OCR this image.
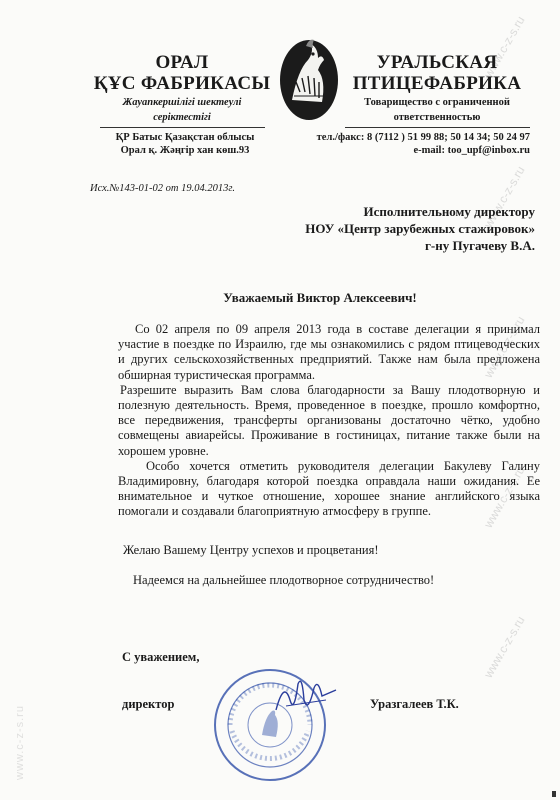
www.c-z-s.ru
www.c-z-s.ru
www.c-z-s.ru
www.c-z-s.ru
www.c-z-s.ru
www.c-z-s.ru
ОРАЛ
ҚҰС ФАБРИКАСЫ
Жауапкершілігі шектеулі
серіктестігі
УРАЛЬСКАЯ
ПТИЦЕФАБРИКА
Товарищество с ограниченной
ответственностью
ҚР Батыс Қазақстан облысы
Орал қ. Жәңгір хан көш.93
тел./факс: 8 (7112 ) 51 99 88; 50 14 34; 50 24 97
e-mail: too_upf@inbox.ru
Исх.№143-01-02 от 19.04.2013г.
Исполнительному директору
НОУ «Центр зарубежных стажировок»
г-ну Пугачеву В.А.
Уважаемый Виктор Алексеевич!

Со 02 апреля по 09 апреля 2013 года в составе делегации я принимал участие в поездке по Израилю, где мы ознакомились с рядом птицеводческих и других сельскохозяйственных предприятий. Также нам была предложена обширная туристическая программа.

Разрешите выразить Вам слова благодарности за Вашу плодотворную и полезную деятельность. Время, проведенное в поездке, прошло комфортно, все передвижения, трансферты организованы достаточно чётко, удобно совмещены авиарейсы. Проживание в гостиницах, питание также были на хорошем уровне.

Особо хочется отметить руководителя делегации Бакулеву Галину Владимировну, благодаря которой поездка оправдала наши ожидания. Ее внимательное и чуткое отношение, хорошее знание английского языка помогали и создавали благоприятную атмосферу в группе.

Желаю Вашему Центру успехов и процветания!
Надеемся на дальнейшее плодотворное сотрудничество!
С уважением,
директор	Уразгалеев Т.К.
